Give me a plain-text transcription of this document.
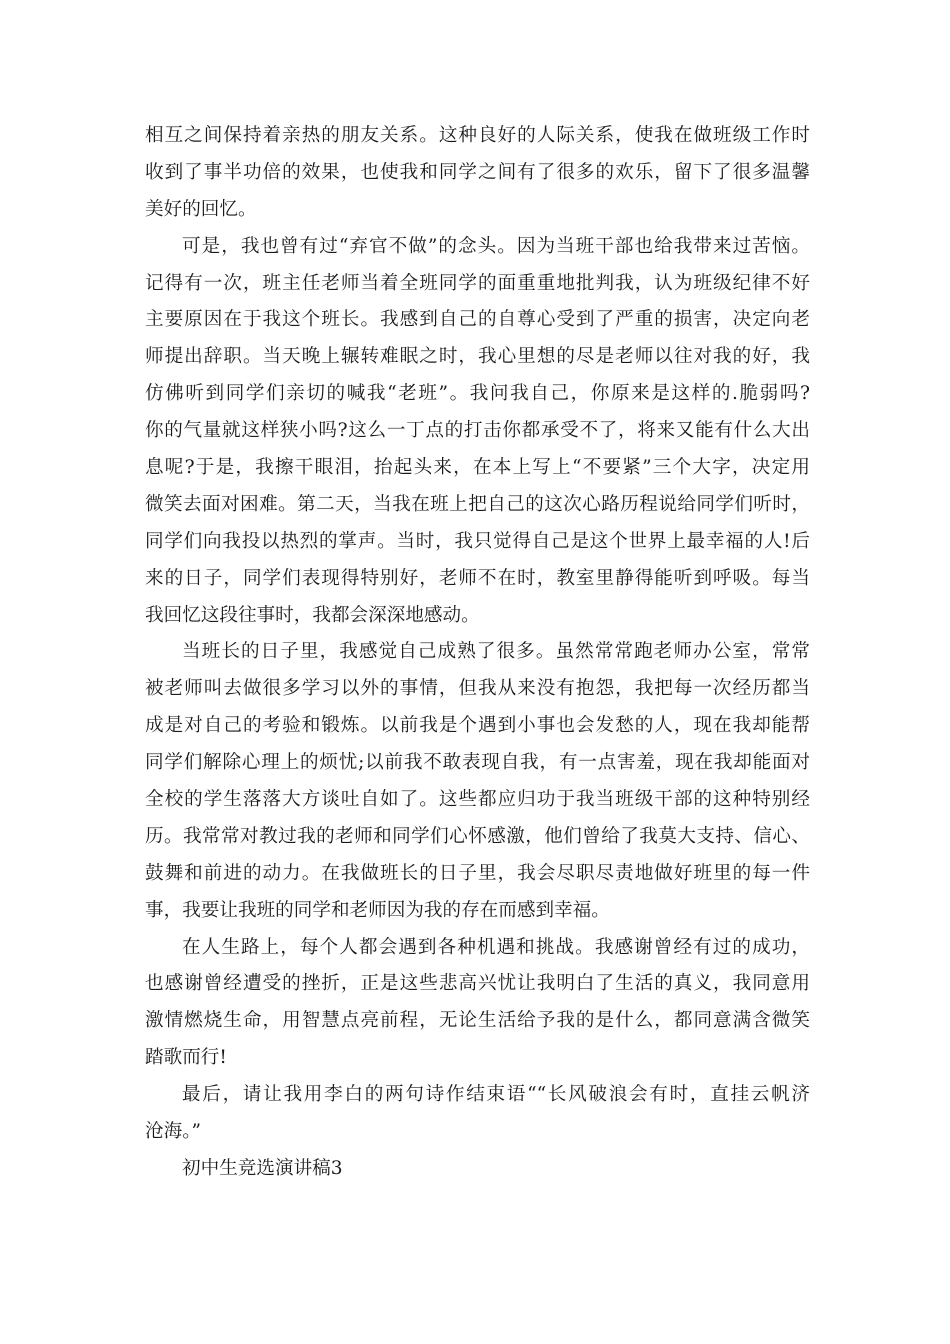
相互之间保持着亲热的朋友关系。这种良好的人际关系，使我在做班级工作时
收到了事半功倍的效果，也使我和同学之间有了很多的欢乐，留下了很多温馨
美好的回忆。
可是，我也曾有过“弃官不做”的念头。因为当班干部也给我带来过苦恼。
记得有一次，班主任老师当着全班同学的面重重地批判我，认为班级纪律不好
主要原因在于我这个班长。我感到自己的自尊心受到了严重的损害，决定向老
师提出辞职。当天晚上辗转难眠之时，我心里想的尽是老师以往对我的好，我
仿佛听到同学们亲切的喊我“老班”。我问我自己，你原来是这样的.脆弱吗?
你的气量就这样狭小吗?这么一丁点的打击你都承受不了，将来又能有什么大出
息呢?于是，我擦干眼泪，抬起头来，在本上写上“不要紧”三个大字，决定用
微笑去面对困难。第二天，当我在班上把自己的这次心路历程说给同学们听时，
同学们向我投以热烈的掌声。当时，我只觉得自己是这个世界上最幸福的人!后
来的日子，同学们表现得特别好，老师不在时，教室里静得能听到呼吸。每当
我回忆这段往事时，我都会深深地感动。
当班长的日子里，我感觉自己成熟了很多。虽然常常跑老师办公室，常常
被老师叫去做很多学习以外的事情，但我从来没有抱怨，我把每一次经历都当
成是对自己的考验和锻炼。以前我是个遇到小事也会发愁的人，现在我却能帮
同学们解除心理上的烦忧;以前我不敢表现自我，有一点害羞，现在我却能面对
全校的学生落落大方谈吐自如了。这些都应归功于我当班级干部的这种特别经
历。我常常对教过我的老师和同学们心怀感激，他们曾给了我莫大支持、信心、
鼓舞和前进的动力。在我做班长的日子里，我会尽职尽责地做好班里的每一件
事，我要让我班的同学和老师因为我的存在而感到幸福。
在人生路上，每个人都会遇到各种机遇和挑战。我感谢曾经有过的成功，
也感谢曾经遭受的挫折，正是这些悲高兴忧让我明白了生活的真义，我同意用
激情燃烧生命，用智慧点亮前程，无论生活给予我的是什么，都同意满含微笑
踏歌而行!
最后，请让我用李白的两句诗作结束语““长风破浪会有时，直挂云帆济
沧海。”
初中生竞选演讲稿3
